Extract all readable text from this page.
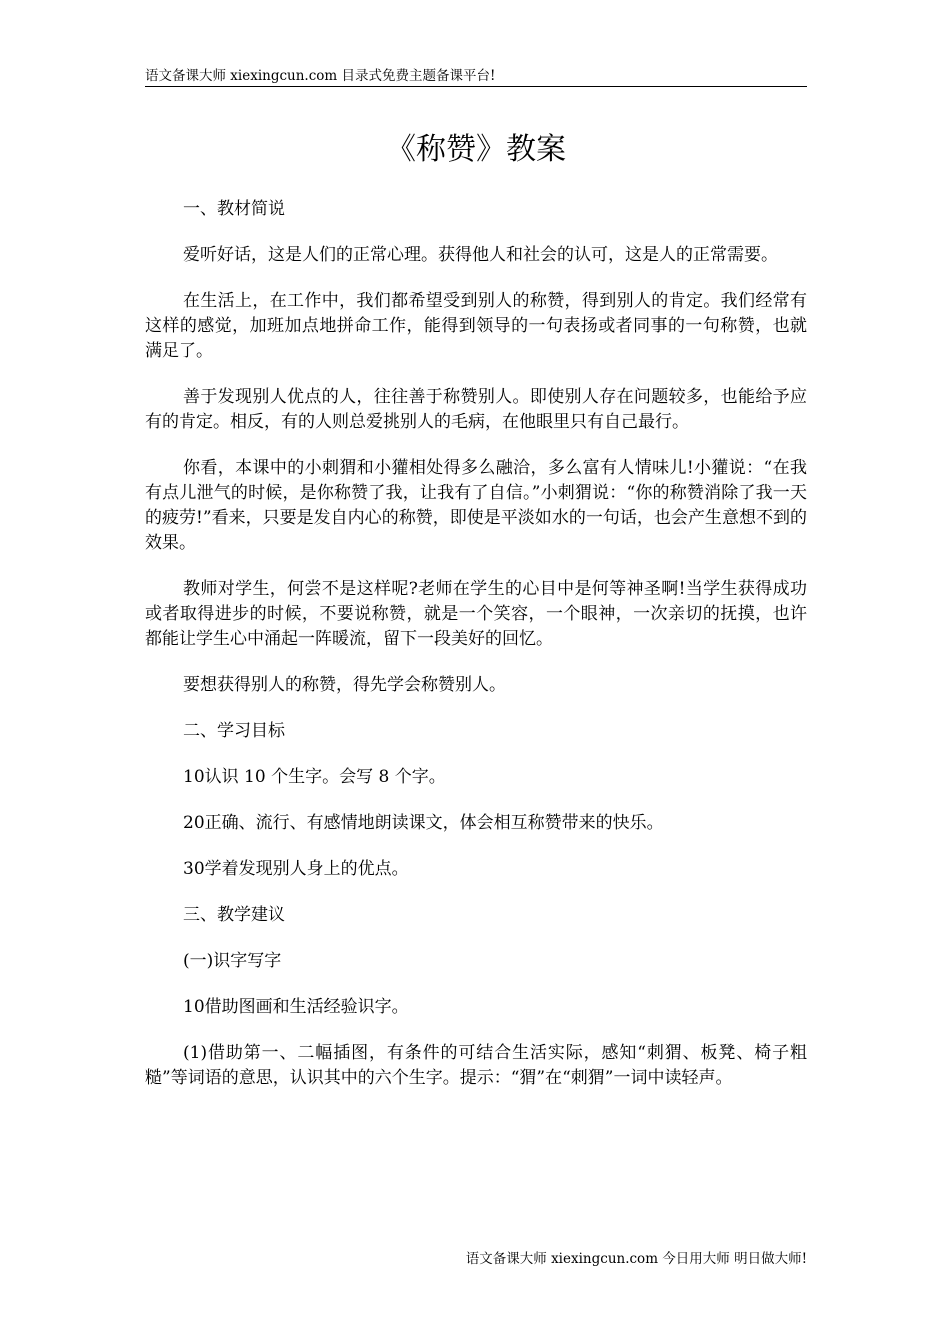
语文备课大师 xiexingcun.com 目录式免费主题备课平台!
《称赞》教案

一、教材简说

爱听好话，这是人们的正常心理。获得他人和社会的认可，这是人的正常需要。

在生活上，在工作中，我们都希望受到别人的称赞，得到别人的肯定。我们经常有这样的感觉，加班加点地拼命工作，能得到领导的一句表扬或者同事的一句称赞，也就满足了。

善于发现别人优点的人，往往善于称赞别人。即使别人存在问题较多，也能给予应有的肯定。相反，有的人则总爱挑别人的毛病，在他眼里只有自己最行。

你看，本课中的小刺猬和小獾相处得多么融洽，多么富有人情味儿!小獾说：“在我有点儿泄气的时候，是你称赞了我，让我有了自信。”小刺猬说：“你的称赞消除了我一天的疲劳!”看来，只要是发自内心的称赞，即使是平淡如水的一句话，也会产生意想不到的效果。

教师对学生，何尝不是这样呢?老师在学生的心目中是何等神圣啊!当学生获得成功或者取得进步的时候，不要说称赞，就是一个笑容，一个眼神，一次亲切的抚摸，也许都能让学生心中涌起一阵暖流，留下一段美好的回忆。

要想获得别人的称赞，得先学会称赞别人。

二、学习目标

10认识 10 个生字。会写 8 个字。

20正确、流行、有感情地朗读课文，体会相互称赞带来的快乐。

30学着发现别人身上的优点。

三、教学建议

(一)识字写字

10借助图画和生活经验识字。

(1)借助第一、二幅插图，有条件的可结合生活实际，感知“刺猬、板凳、椅子粗糙”等词语的意思，认识其中的六个生字。提示：“猬”在“刺猬”一词中读轻声。

语文备课大师 xiexingcun.com 今日用大师 明日做大师!
